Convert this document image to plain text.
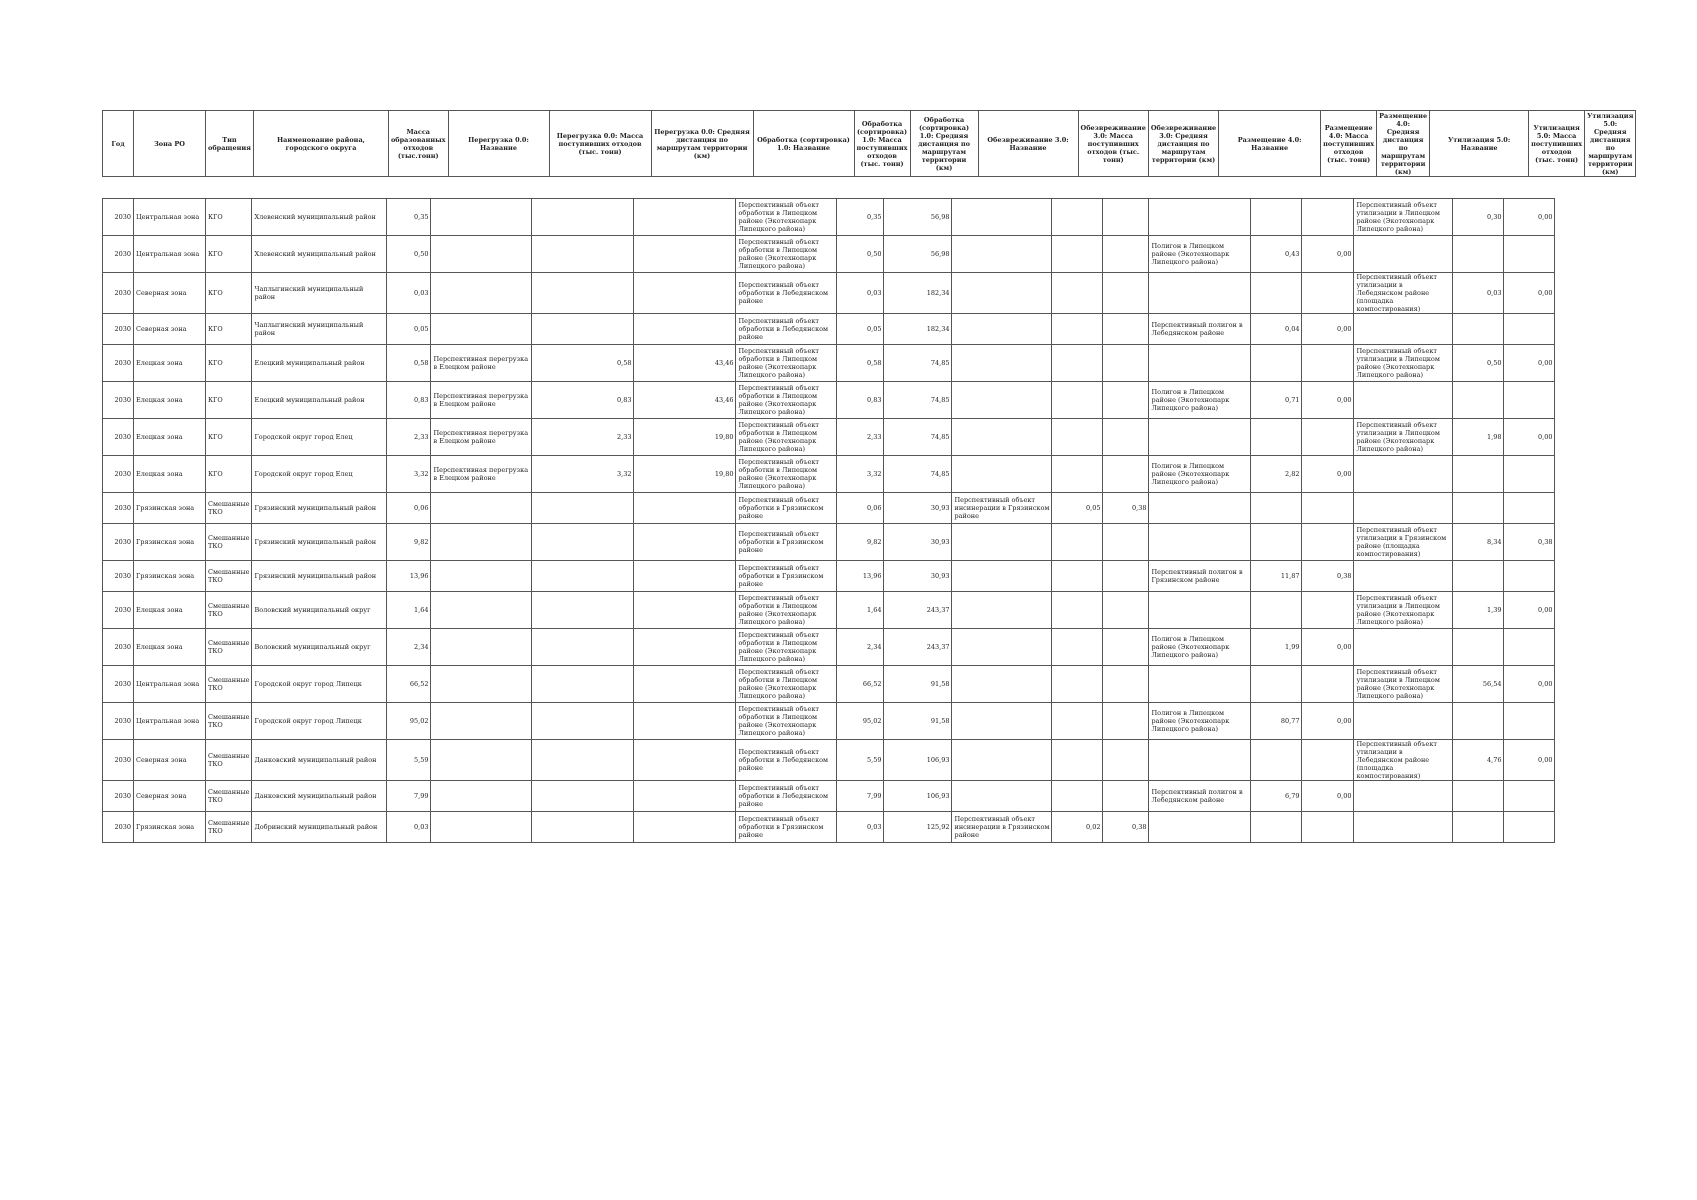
Год	Зона РО	Тип обращения	Наименование района, городского округа	Масса образованных отходов (тыс.тонн)	Перегрузка 0.0: Название	Перегрузка 0.0: Масса поступивших отходов (тыс. тонн)	Перегрузка 0.0: Средняя дистанция по маршрутам территории (км)	Обработка (сортировка) 1.0: Название	Обработка (сортировка) 1.0: Масса поступивших отходов (тыс. тонн)	Обработка (сортировка) 1.0: Средняя дистанция по маршрутам территории (км)	Обезвреживание 3.0: Название	Обезвреживание 3.0: Масса поступивших отходов (тыс. тонн)	Обезвреживание 3.0: Средняя дистанция по маршрутам территории (км)	Размещение 4.0: Название	Размещение 4.0: Масса поступивших отходов (тыс. тонн)	Размещение 4.0: Средняя дистанция по маршрутам территории (км)	Утилизация 5.0: Название	Утилизация 5.0: Масса поступивших отходов (тыс. тонн)	Утилизация 5.0: Средняя дистанция по маршрутам территории (км)
2030	Центральная зона	КГО	Хлевенский муниципальный район	0,35				Перспективный объект обработки в Липецком районе (Экотехнопарк Липецкого района)	0,35	56,98							Перспективный объект утилизации в Липецком районе (Экотехнопарк Липецкого района)	0,30	0,00
2030	Центральная зона	КГО	Хлевенский муниципальный район	0,50				Перспективный объект обработки в Липецком районе (Экотехнопарк Липецкого района)	0,50	56,98				Полигон в Липецком районе (Экотехнопарк Липецкого района)	0,43	0,00			
2030	Северная зона	КГО	Чаплыгинский муниципальный район	0,03				Перспективный объект обработки в Лебедянском районе	0,03	182,34							Перспективный объект утилизации в Лебедянском районе (площадка компостирования)	0,03	0,00
2030	Северная зона	КГО	Чаплыгинский муниципальный район	0,05				Перспективный объект обработки в Лебедянском районе	0,05	182,34				Перспективный полигон в Лебедянском районе	0,04	0,00			
2030	Елецкая зона	КГО	Елецкий муниципальный район	0,58	Перспективная перегрузка в Елецком районе	0,58	43,46	Перспективный объект обработки в Липецком районе (Экотехнопарк Липецкого района)	0,58	74,85							Перспективный объект утилизации в Липецком районе (Экотехнопарк Липецкого района)	0,50	0,00
2030	Елецкая зона	КГО	Елецкий муниципальный район	0,83	Перспективная перегрузка в Елецком районе	0,83	43,46	Перспективный объект обработки в Липецком районе (Экотехнопарк Липецкого района)	0,83	74,85				Полигон в Липецком районе (Экотехнопарк Липецкого района)	0,71	0,00			
2030	Елецкая зона	КГО	Городской округ город Елец	2,33	Перспективная перегрузка в Елецком районе	2,33	19,80	Перспективный объект обработки в Липецком районе (Экотехнопарк Липецкого района)	2,33	74,85							Перспективный объект утилизации в Липецком районе (Экотехнопарк Липецкого района)	1,98	0,00
2030	Елецкая зона	КГО	Городской округ город Елец	3,32	Перспективная перегрузка в Елецком районе	3,32	19,80	Перспективный объект обработки в Липецком районе (Экотехнопарк Липецкого района)	3,32	74,85				Полигон в Липецком районе (Экотехнопарк Липецкого района)	2,82	0,00			
2030	Грязинская зона	Смешанные ТКО	Грязинский муниципальный район	0,06				Перспективный объект обработки в Грязинском районе	0,06	30,93	Перспективный объект инсинерации в Грязинском районе	0,05	0,38						
2030	Грязинская зона	Смешанные ТКО	Грязинский муниципальный район	9,82				Перспективный объект обработки в Грязинском районе	9,82	30,93							Перспективный объект утилизации в Грязинском районе (площадка компостирования)	8,34	0,38
2030	Грязинская зона	Смешанные ТКО	Грязинский муниципальный район	13,96				Перспективный объект обработки в Грязинском районе	13,96	30,93				Перспективный полигон в Грязинском районе	11,87	0,38			
2030	Елецкая зона	Смешанные ТКО	Воловский муниципальный округ	1,64				Перспективный объект обработки в Липецком районе (Экотехнопарк Липецкого района)	1,64	243,37							Перспективный объект утилизации в Липецком районе (Экотехнопарк Липецкого района)	1,39	0,00
2030	Елецкая зона	Смешанные ТКО	Воловский муниципальный округ	2,34				Перспективный объект обработки в Липецком районе (Экотехнопарк Липецкого района)	2,34	243,37				Полигон в Липецком районе (Экотехнопарк Липецкого района)	1,99	0,00			
2030	Центральная зона	Смешанные ТКО	Городской округ город Липецк	66,52				Перспективный объект обработки в Липецком районе (Экотехнопарк Липецкого района)	66,52	91,58							Перспективный объект утилизации в Липецком районе (Экотехнопарк Липецкого района)	56,54	0,00
2030	Центральная зона	Смешанные ТКО	Городской округ город Липецк	95,02				Перспективный объект обработки в Липецком районе (Экотехнопарк Липецкого района)	95,02	91,58				Полигон в Липецком районе (Экотехнопарк Липецкого района)	80,77	0,00			
2030	Северная зона	Смешанные ТКО	Данковский муниципальный район	5,59				Перспективный объект обработки в Лебедянском районе	5,59	106,93							Перспективный объект утилизации в Лебедянском районе (площадка компостирования)	4,76	0,00
2030	Северная зона	Смешанные ТКО	Данковский муниципальный район	7,99				Перспективный объект обработки в Лебедянском районе	7,99	106,93				Перспективный полигон в Лебедянском районе	6,79	0,00			
2030	Грязинская зона	Смешанные ТКО	Добринский муниципальный район	0,03				Перспективный объект обработки в Грязинском районе	0,03	125,92	Перспективный объект инсинерации в Грязинском районе	0,02	0,38						
